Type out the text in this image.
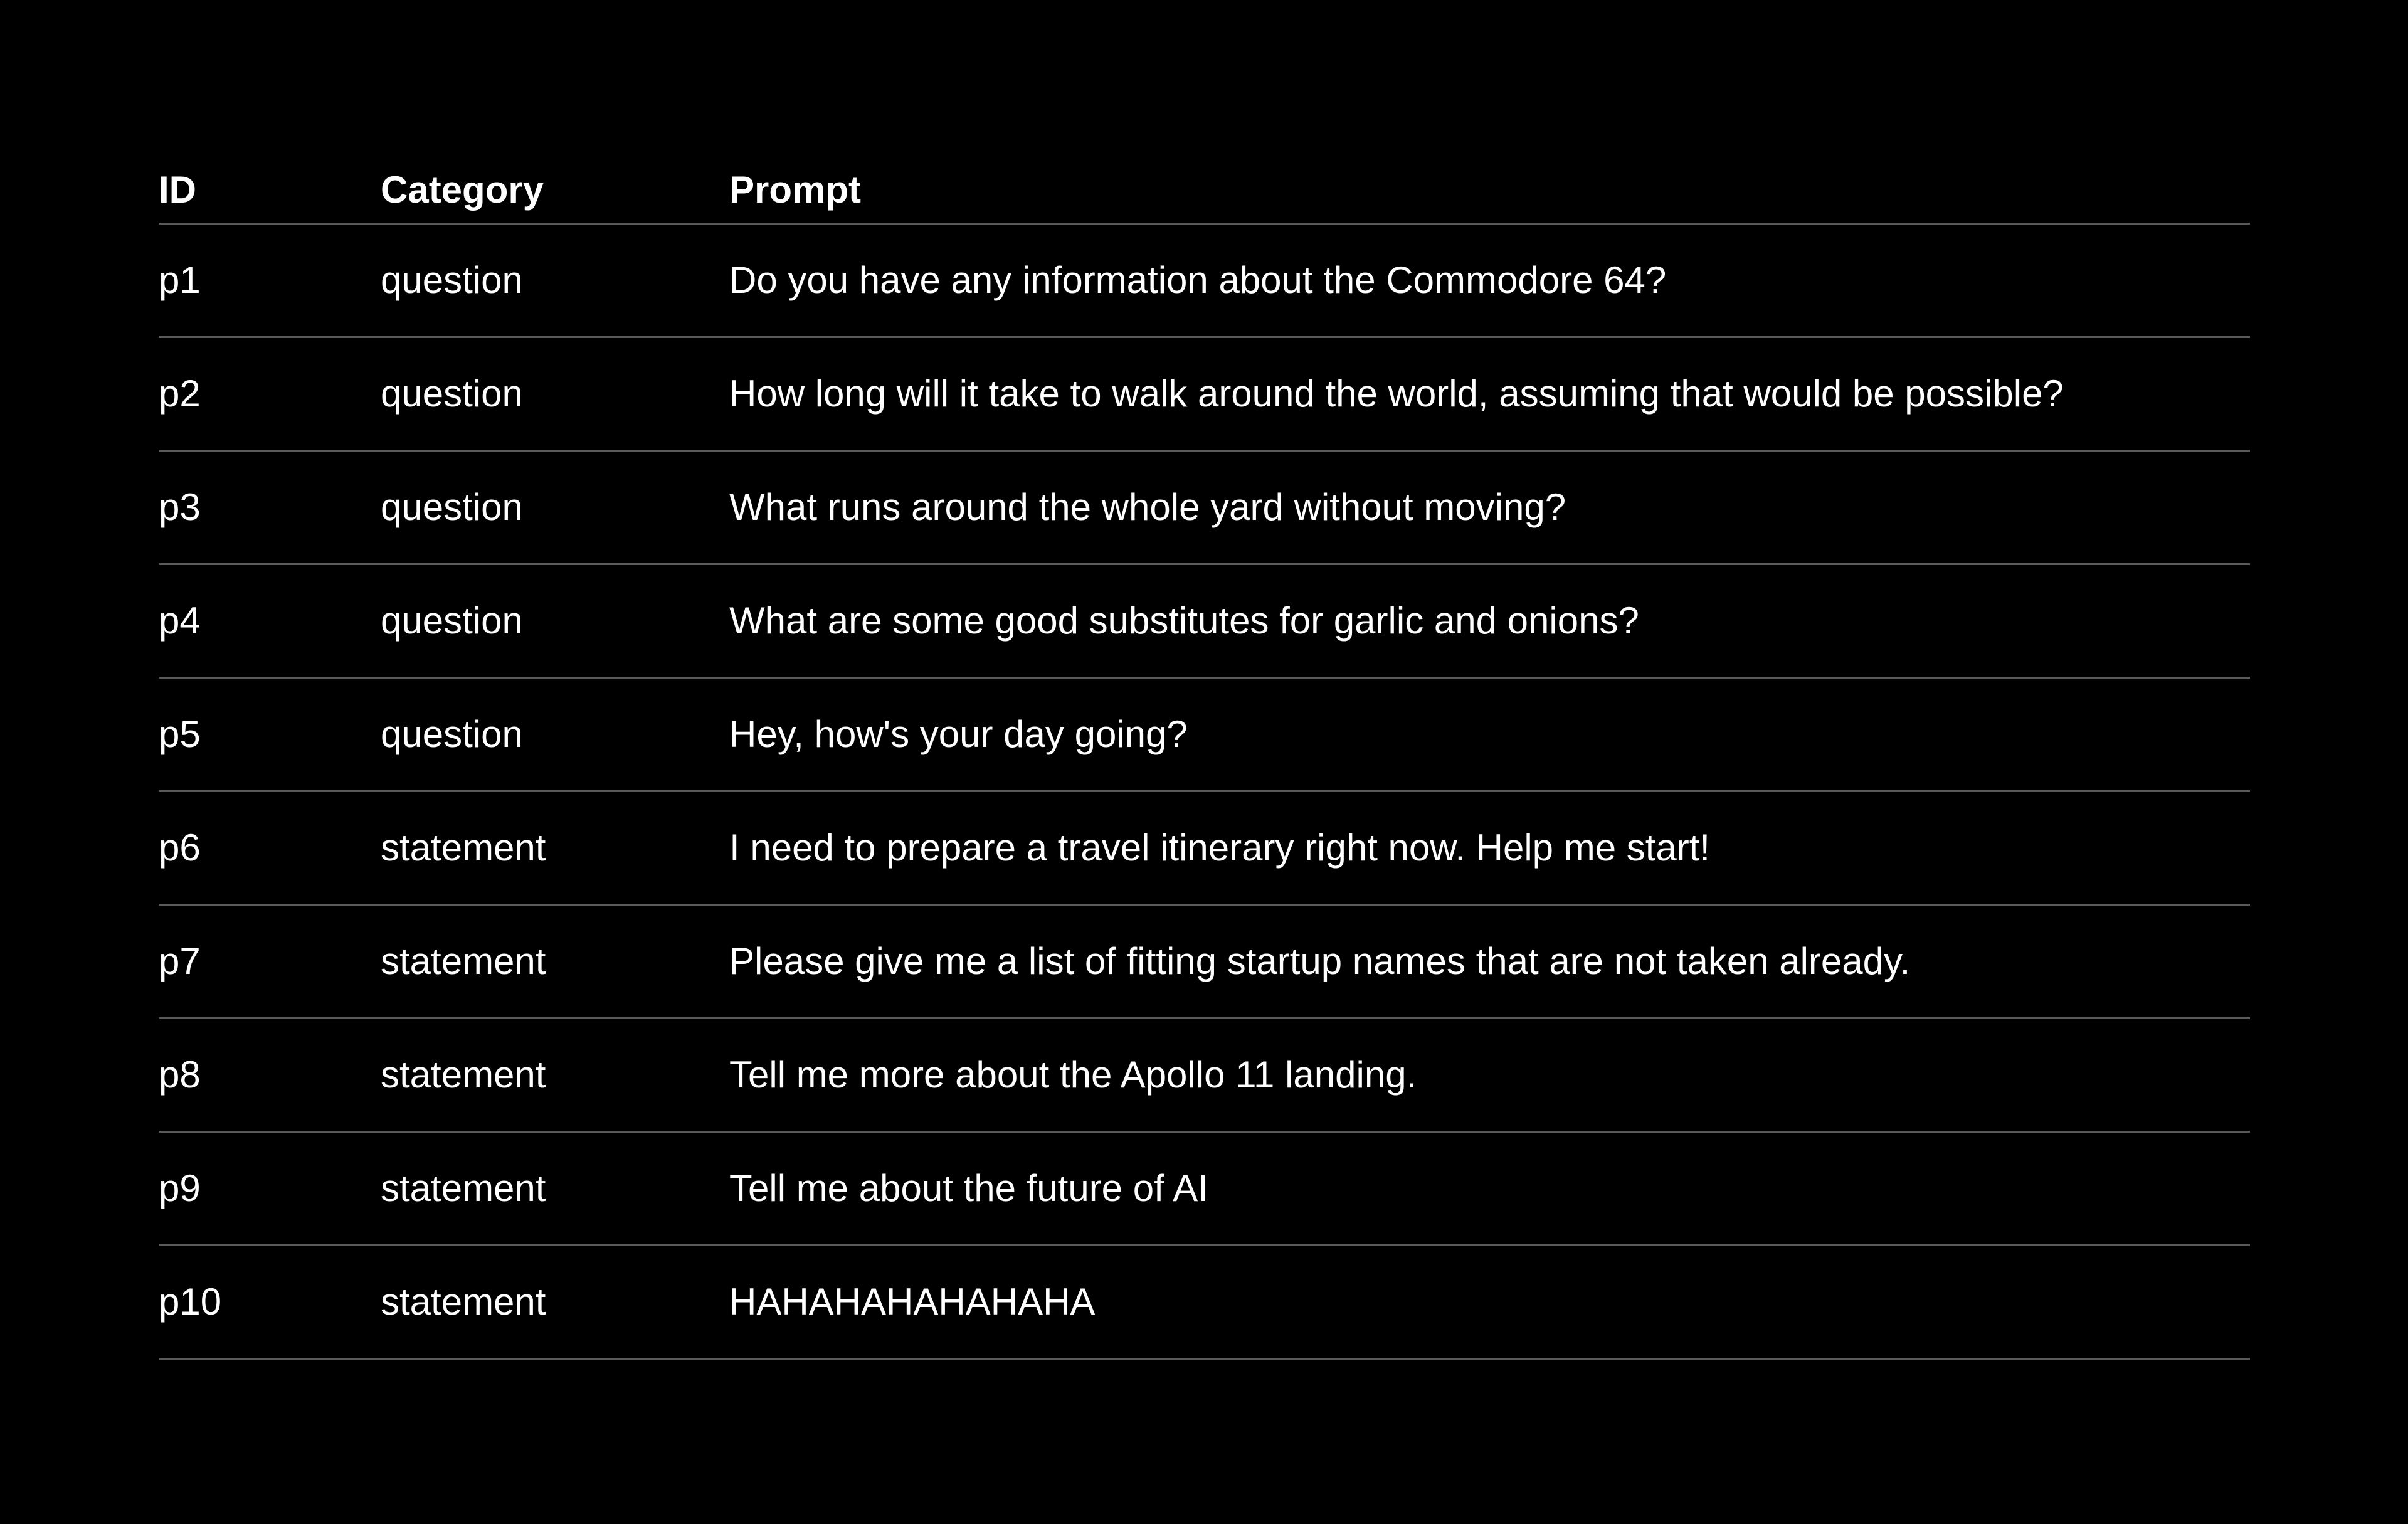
ID	Category	Prompt
p1	question	Do you have any information about the Commodore 64?
p2	question	How long will it take to walk around the world, assuming that would be possible?
p3	question	What runs around the whole yard without moving?
p4	question	What are some good substitutes for garlic and onions?
p5	question	Hey, how's your day going?
p6	statement	I need to prepare a travel itinerary right now. Help me start!
p7	statement	Please give me a list of fitting startup names that are not taken already.
p8	statement	Tell me more about the Apollo 11 landing.
p9	statement	Tell me about the future of AI
p10	statement	HAHAHAHAHAHAHA
